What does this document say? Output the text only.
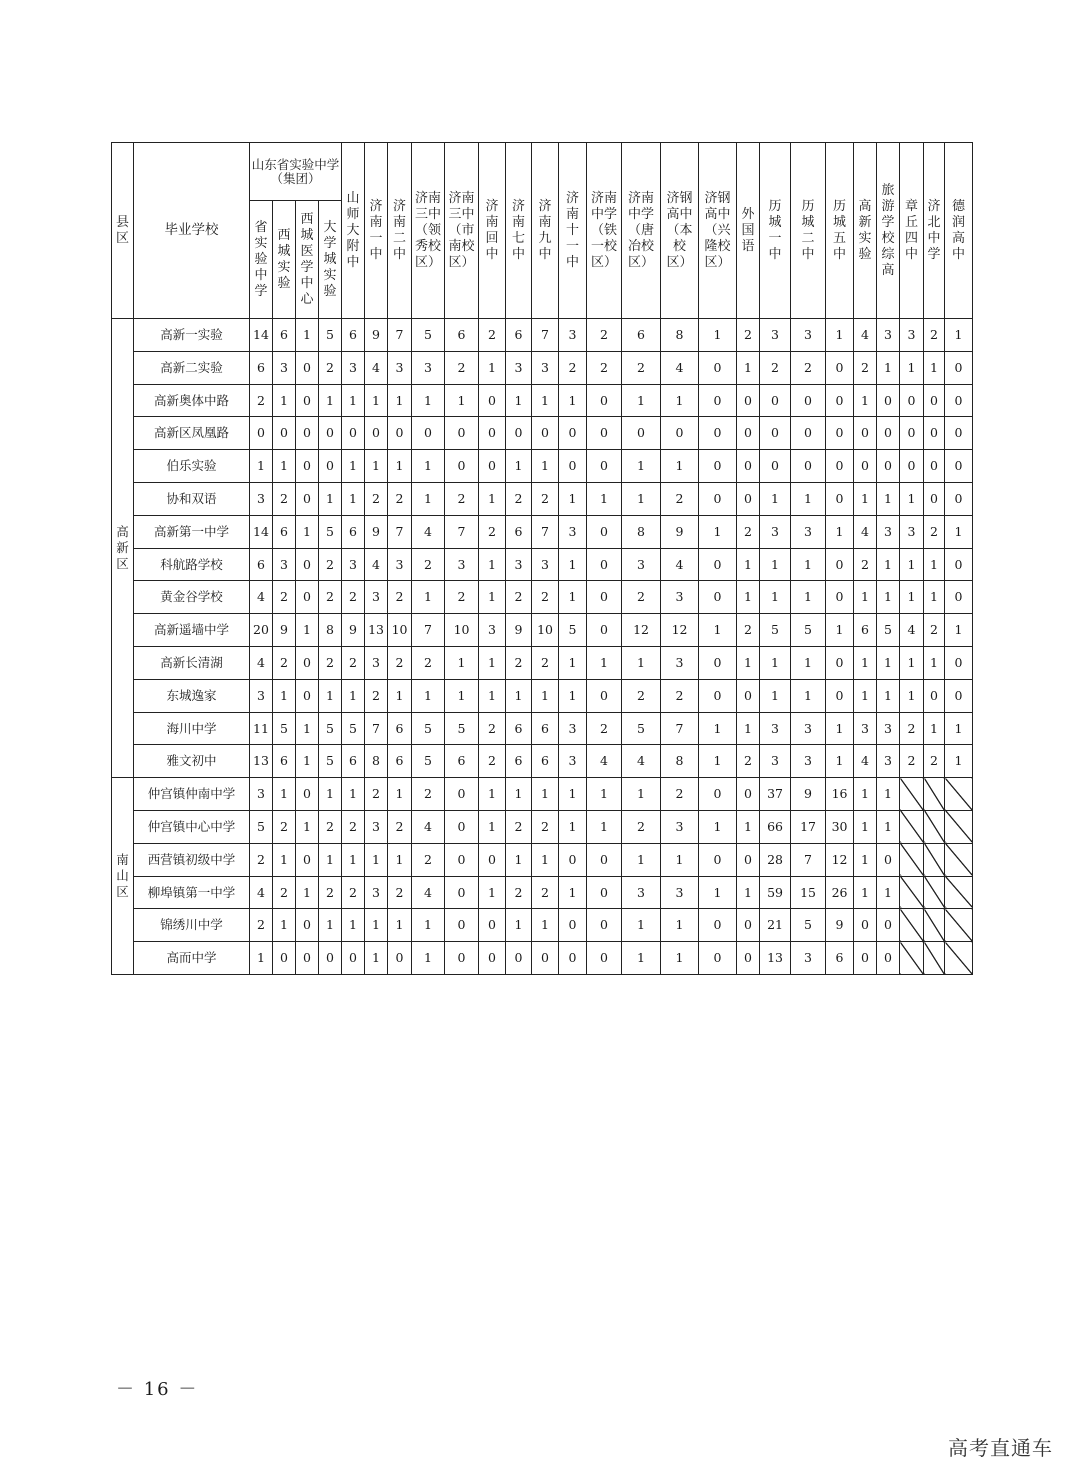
县区	毕业学校	山东省实验中学（集团）				山师大附中	济南一中	济南二中	济南三中（领秀校区）	济南三中（市南校区）	济南回中	济南七中	济南九中	济南十一中	济南中学（铁一校区）	济南中学（唐冶校区）	济钢高中（本校区）	济钢高中（兴隆校区）	外国语	历城一中	历城二中	历城五中	高新实验	旅游学校综高	章丘四中	济北中学	德润高中
		省实验中学	西城实验	西城医学中心	大学城实验																						
高新区	高新一实验	14	6	1	5	6	9	7	5	6	2	6	7	3	2	6	8	1	2	3	3	1	4	3	3	2	1
	高新二实验	6	3	0	2	3	4	3	3	2	1	3	3	2	2	2	4	0	1	2	2	0	2	1	1	1	0
	高新奥体中路	2	1	0	1	1	1	1	1	1	0	1	1	1	0	1	1	0	0	0	0	0	1	0	0	0	0
	高新区凤凰路	0	0	0	0	0	0	0	0	0	0	0	0	0	0	0	0	0	0	0	0	0	0	0	0	0	0
	伯乐实验	1	1	0	0	1	1	1	1	0	0	1	1	0	0	1	1	0	0	0	0	0	0	0	0	0	0
	协和双语	3	2	0	1	1	2	2	1	2	1	2	2	1	1	1	2	0	0	1	1	0	1	1	1	0	0
	高新第一中学	14	6	1	5	6	9	7	4	7	2	6	7	3	0	8	9	1	2	3	3	1	4	3	3	2	1
	科航路学校	6	3	0	2	3	4	3	2	3	1	3	3	1	0	3	4	0	1	1	1	0	2	1	1	1	0
	黄金谷学校	4	2	0	2	2	3	2	1	2	1	2	2	1	0	2	3	0	1	1	1	0	1	1	1	1	0
	高新遥墙中学	20	9	1	8	9	13	10	7	10	3	9	10	5	0	12	12	1	2	5	5	1	6	5	4	2	1
	高新长清湖	4	2	0	2	2	3	2	2	1	1	2	2	1	1	1	3	0	1	1	1	0	1	1	1	1	0
	东城逸家	3	1	0	1	1	2	1	1	1	1	1	1	1	0	2	2	0	0	1	1	0	1	1	1	0	0
	海川中学	11	5	1	5	5	7	6	5	5	2	6	6	3	2	5	7	1	1	3	3	1	3	3	2	1	1
	雅文初中	13	6	1	5	6	8	6	5	6	2	6	6	3	4	4	8	1	2	3	3	1	4	3	2	2	1
南山区	仲宫镇仲南中学	3	1	0	1	1	2	1	2	0	1	1	1	1	1	1	2	0	0	37	9	16	1	1			
	仲宫镇中心中学	5	2	1	2	2	3	2	4	0	1	2	2	1	1	2	3	1	1	66	17	30	1	1			
	西营镇初级中学	2	1	0	1	1	1	1	2	0	0	1	1	0	0	1	1	0	0	28	7	12	1	0			
	柳埠镇第一中学	4	2	1	2	2	3	2	4	0	1	2	2	1	0	3	3	1	1	59	15	26	1	1			
	锦绣川中学	2	1	0	1	1	1	1	1	0	0	1	1	0	0	1	1	0	0	21	5	9	0	0			
	高而中学	1	0	0	0	0	1	0	1	0	0	0	0	0	0	1	1	0	0	13	3	6	0	0			
－ 16 －
高考直通车
